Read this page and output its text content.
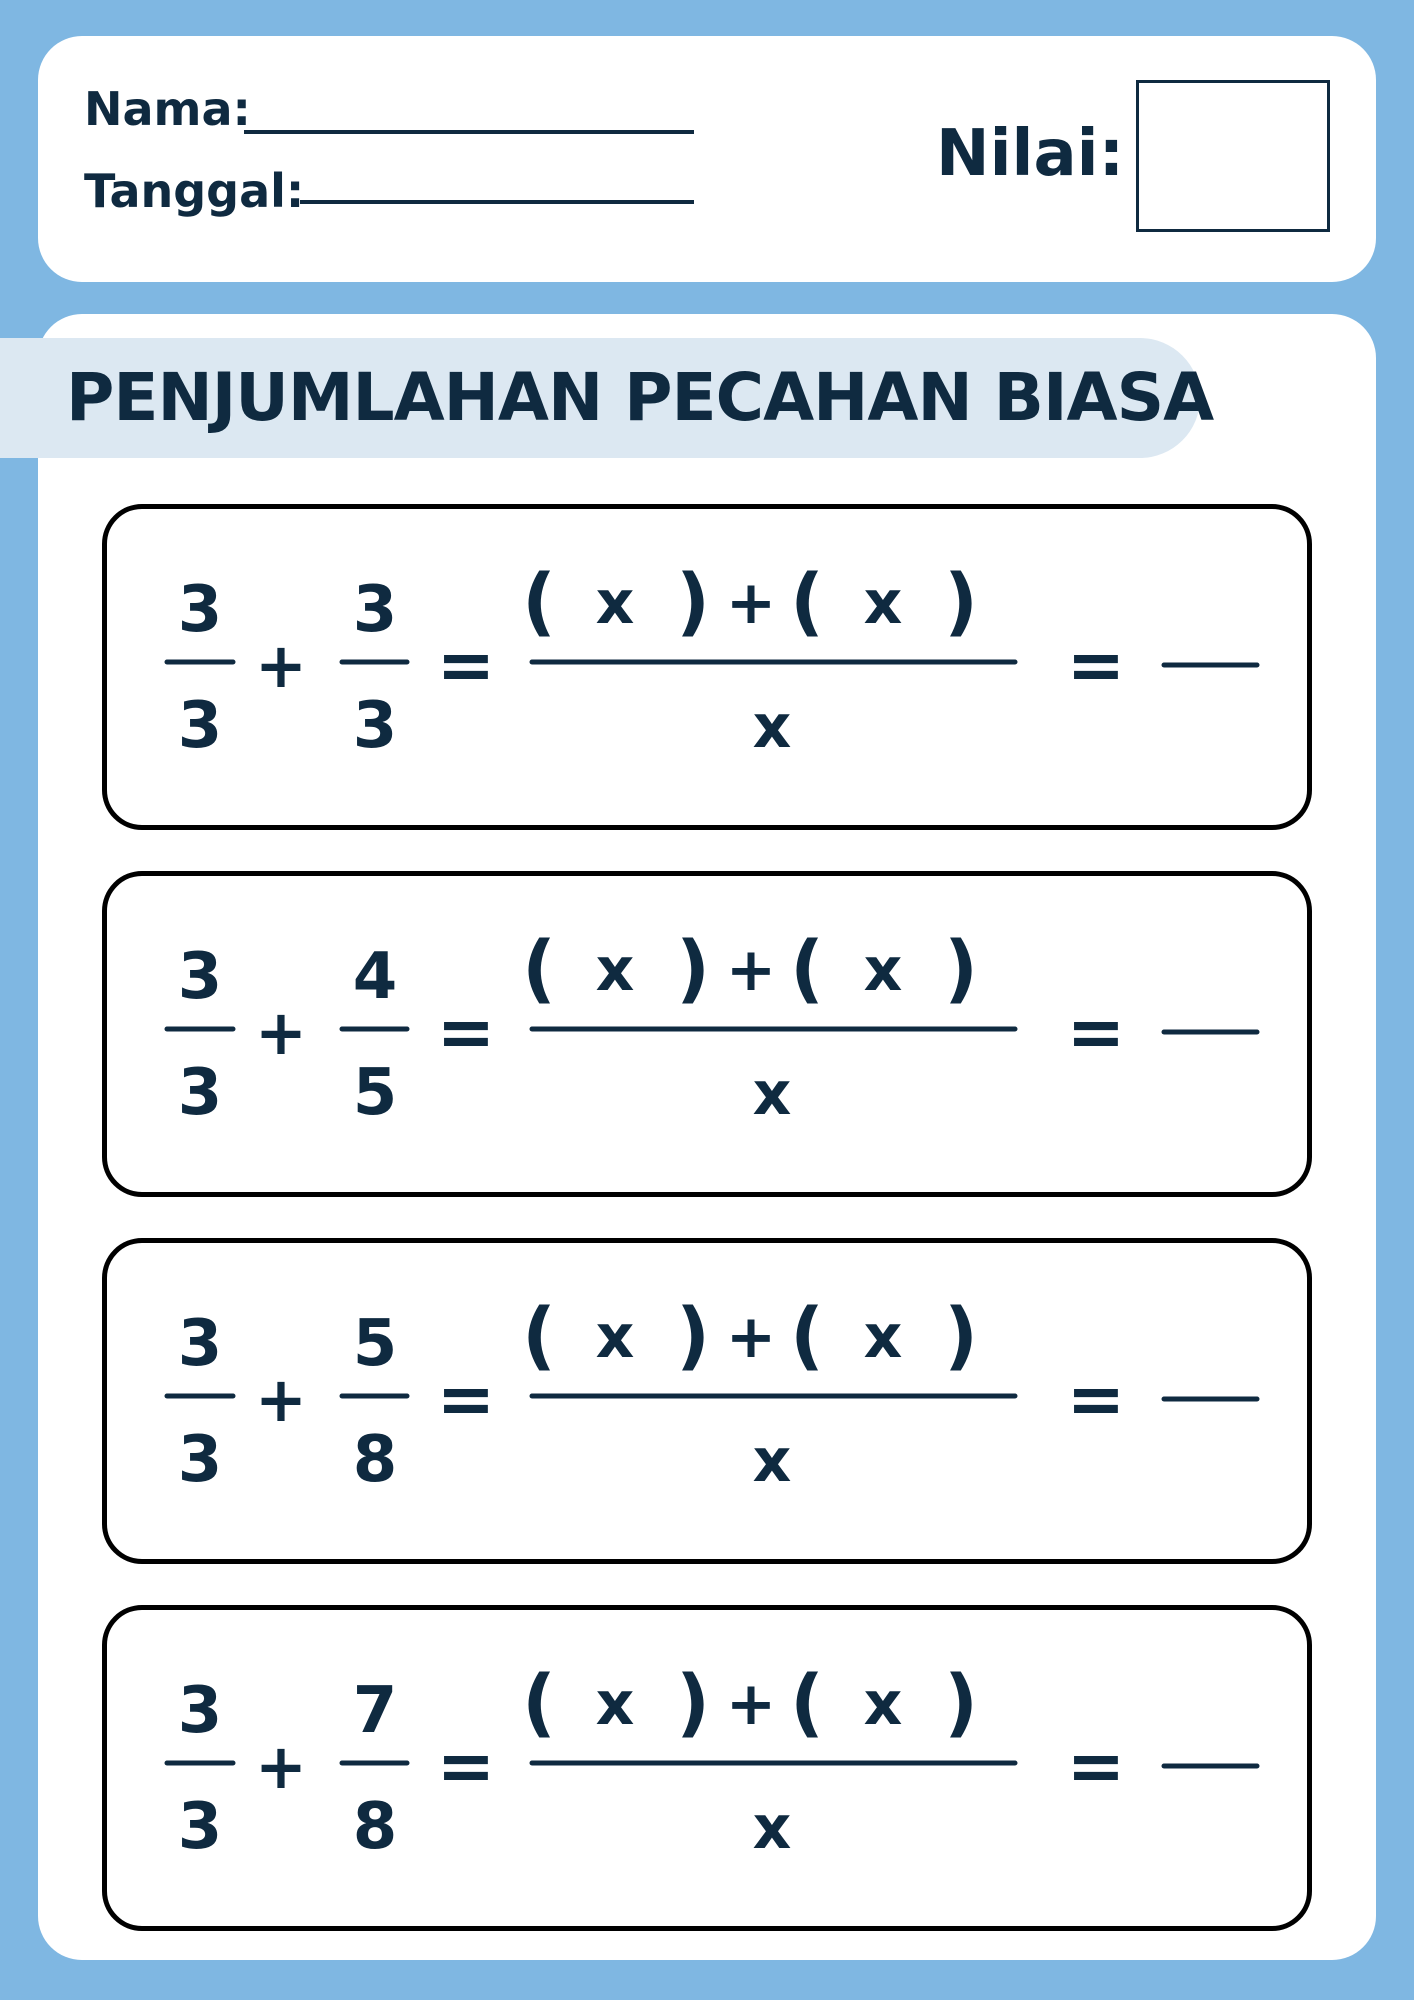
Nama:
Tanggal:	Nilai:
PENJUMLAHAN PECAHAN BIASA
3
3
+
3
3
=
( x ) + ( x )
x
=
3
3
+
4
5
=
( x ) + ( x )
x
=
3
3
+
5
8
=
( x ) + ( x )
x
=
3
3
+
7
8
=
( x ) + ( x )
x
=
